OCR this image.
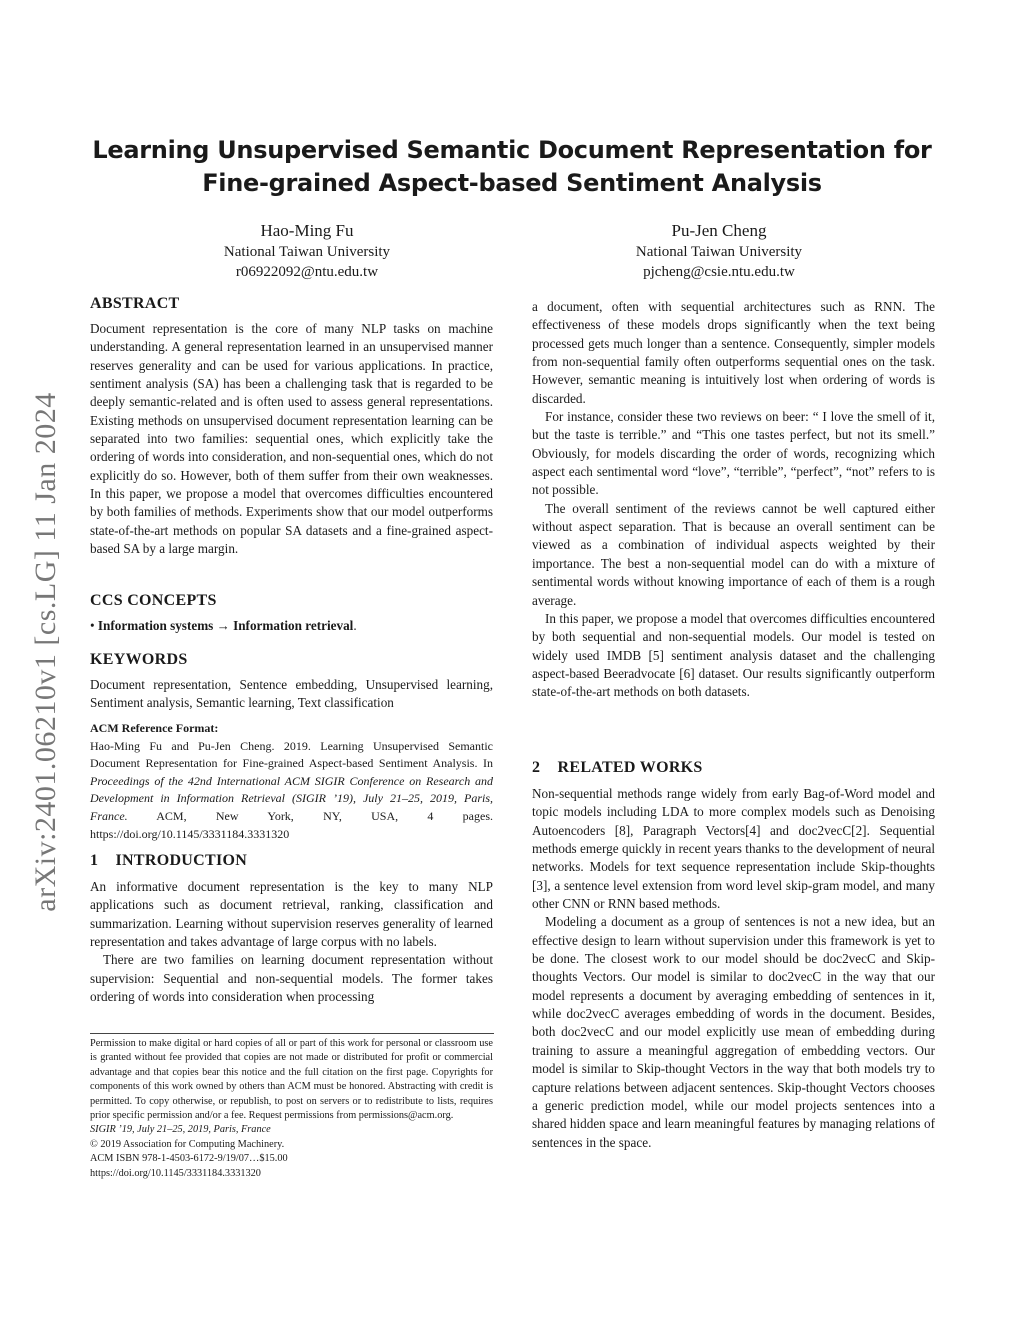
arXiv:2401.06210v1 [cs.LG] 11 Jan 2024
Learning Unsupervised Semantic Document Representation for
Fine-grained Aspect-based Sentiment Analysis
Hao-Ming Fu
National Taiwan University
r06922092@ntu.edu.tw
Pu-Jen Cheng
National Taiwan University
pjcheng@csie.ntu.edu.tw
ABSTRACT

Document representation is the core of many NLP tasks on machine understanding. A general representation learned in an unsupervised manner reserves generality and can be used for various applications. In practice, sentiment analysis (SA) has been a challenging task that is regarded to be deeply semantic-related and is often used to assess general representations. Existing methods on unsupervised document representation learning can be separated into two families: sequential ones, which explicitly take the ordering of words into consideration, and non-sequential ones, which do not explicitly do so. However, both of them suffer from their own weaknesses. In this paper, we propose a model that overcomes difficulties encountered by both families of methods. Experiments show that our model outperforms state-of-the-art methods on popular SA datasets and a fine-grained aspect-based SA by a large margin.

CCS CONCEPTS
• Information systems → Information retrieval.
KEYWORDS

Document representation, Sentence embedding, Unsupervised learning, Sentiment analysis, Semantic learning, Text classification

ACM Reference Format:

Hao-Ming Fu and Pu-Jen Cheng. 2019. Learning Unsupervised Semantic Document Representation for Fine-grained Aspect-based Sentiment Analysis. In Proceedings of the 42nd International ACM SIGIR Conference on Research and Development in Information Retrieval (SIGIR ’19), July 21–25, 2019, Paris, France. ACM, New York, NY, USA, 4 pages. https://doi.org/10.1145/3331184.3331320

1    INTRODUCTION

An informative document representation is the key to many NLP applications such as document retrieval, ranking, classification and summarization. Learning without supervision reserves generality of learned representation and takes advantage of large corpus with no labels.

There are two families on learning document representation without supervision: Sequential and non-sequential models. The former takes ordering of words into consideration when processing

Permission to make digital or hard copies of all or part of this work for personal or classroom use is granted without fee provided that copies are not made or distributed for profit or commercial advantage and that copies bear this notice and the full citation on the first page. Copyrights for components of this work owned by others than ACM must be honored. Abstracting with credit is permitted. To copy otherwise, or republish, to post on servers or to redistribute to lists, requires prior specific permission and/or a fee. Request permissions from permissions@acm.org.

SIGIR ’19, July 21–25, 2019, Paris, France

© 2019 Association for Computing Machinery.

ACM ISBN 978-1-4503-6172-9/19/07…$15.00

https://doi.org/10.1145/3331184.3331320

a document, often with sequential architectures such as RNN. The effectiveness of these models drops significantly when the text being processed gets much longer than a sentence. Consequently, simpler models from non-sequential family often outperforms sequential ones on the task. However, semantic meaning is intuitively lost when ordering of words is discarded.

For instance, consider these two reviews on beer: “ I love the smell of it, but the taste is terrible.” and “This one tastes perfect, but not its smell.” Obviously, for models discarding the order of words, recognizing which aspect each sentimental word “love”, “terrible”, “perfect”, “not” refers to is not possible.

The overall sentiment of the reviews cannot be well captured either without aspect separation. That is because an overall sentiment can be viewed as a combination of individual aspects weighted by their importance. The best a non-sequential model can do with a mixture of sentimental words without knowing importance of each of them is a rough average.

In this paper, we propose a model that overcomes difficulties encountered by both sequential and non-sequential models. Our model is tested on widely used IMDB [5] sentiment analysis dataset and the challenging aspect-based Beeradvocate [6] dataset. Our results significantly outperform state-of-the-art methods on both datasets.

2    RELATED WORKS

Non-sequential methods range widely from early Bag-of-Word model and topic models including LDA to more complex models such as Denoising Autoencoders [8], Paragraph Vectors[4] and doc2vecC[2]. Sequential methods emerge quickly in recent years thanks to the development of neural networks. Models for text sequence representation include Skip-thoughts [3], a sentence level extension from word level skip-gram model, and many other CNN or RNN based methods.

Modeling a document as a group of sentences is not a new idea, but an effective design to learn without supervision under this framework is yet to be done. The closest work to our model should be doc2vecC and Skip-thoughts Vectors. Our model is similar to doc2vecC in the way that our model represents a document by averaging embedding of sentences in it, while doc2vecC averages embedding of words in the document. Besides, both doc2vecC and our model explicitly use mean of embedding during training to assure a meaningful aggregation of embedding vectors. Our model is similar to Skip-thought Vectors in the way that both models try to capture relations between adjacent sentences. Skip-thought Vectors chooses a generic prediction model, while our model projects sentences into a shared hidden space and learn meaningful features by managing relations of sentences in the space.
